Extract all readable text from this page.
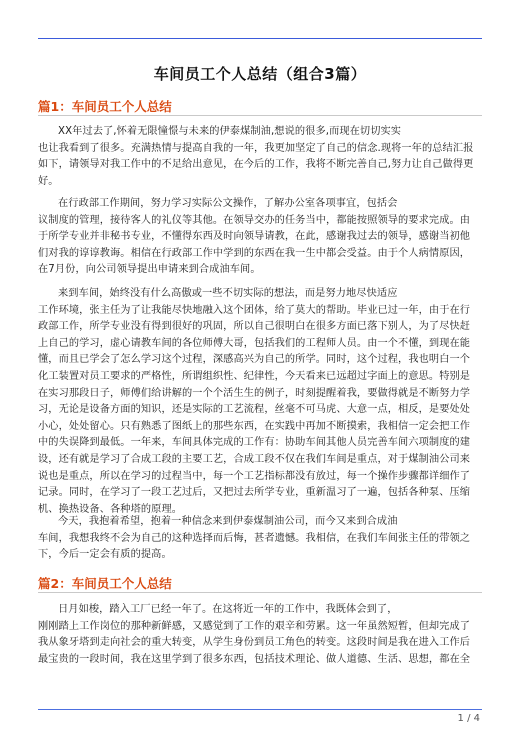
车间员工个人总结（组合3篇）
篇1：车间员工个人总结
XX年过去了,怀着无限憧憬与未来的伊泰煤制油,想说的很多,而现在切切实实
也让我看到了很多。充满热情与提高自我的一年，我更加坚定了自己的信念.现将一年的总结汇报
如下，请领导对我工作中的不足给出意见，在今后的工作，我将不断完善自己,努力让自己做得更
好。
在行政部工作期间，努力学习实际公文操作，了解办公室各项事宜，包括会
议制度的管理，接待客人的礼仪等其他。在领导交办的任务当中，都能按照领导的要求完成。由
于所学专业并非秘书专业，不懂得东西及时向领导请教，在此，感谢我过去的领导，感谢当初他
们对我的谆谆教诲。相信在行政部工作中学到的东西在我一生中都会受益。由于个人病情原因，
在7月份，向公司领导提出申请来到合成油车间。
来到车间，始终没有什么高傲或一些不切实际的想法，而是努力地尽快适应
工作环境，张主任为了让我能尽快地融入这个团体，给了莫大的帮助。毕业已过一年，由于在行
政部工作，所学专业没有得到很好的巩固，所以自己很明白在很多方面已落下别人，为了尽快赶
上自己的学习，虚心请教车间的各位师傅大哥，包括我们的工程师人员。由一个不懂，到现在能
懂，而且已学会了怎么学习这个过程，深感高兴为自己的所学。同时，这个过程，我也明白一个
化工装置对员工要求的严格性，所谓组织性、纪律性，今天看来已远超过字面上的意思。特别是
在实习那段日子，师傅们给讲解的一个个活生生的例子，时刻提醒着我，要做得就是不断努力学
习，无论是设备方面的知识，还是实际的工艺流程，丝毫不可马虎、大意一点，相反，是要处处
小心，处处留心。只有熟悉了图纸上的那些东西，在实践中再加不断摸索，我相信一定会把工作
中的失误降到最低。一年来，车间具体完成的工作有：协助车间其他人员完善车间六项制度的建
设，还有就是学习了合成工段的主要工艺，合成工段不仅在我们车间是重点，对于煤制油公司来
说也是重点，所以在学习的过程当中，每一个工艺指标都没有放过，每一个操作步骤都详细作了
记录。同时，在学习了一段工艺过后，又把过去所学专业，重新温习了一遍，包括各种泵、压缩
机、换热设备、各种塔的原理。
今天，我抱着希望，抱着一种信念来到伊泰煤制油公司，而今又来到合成油
车间，我想我终不会为自己的这种选择而后悔，甚者遗憾。我相信，在我们车间张主任的带领之
下，今后一定会有质的提高。
篇2：车间员工个人总结
日月如梭，踏入工厂已经一年了。在这将近一年的工作中，我既体会到了，
刚刚踏上工作岗位的那种新鲜感，又感觉到了工作的艰辛和劳累。这一年虽然短暂，但却完成了
我从象牙塔到走向社会的重大转变，从学生身份到员工角色的转变。这段时间是我在进入工作后
最宝贵的一段时间，我在这里学到了很多东西，包括技术理论、做人道德、生活、思想，都在全
1 / 4
